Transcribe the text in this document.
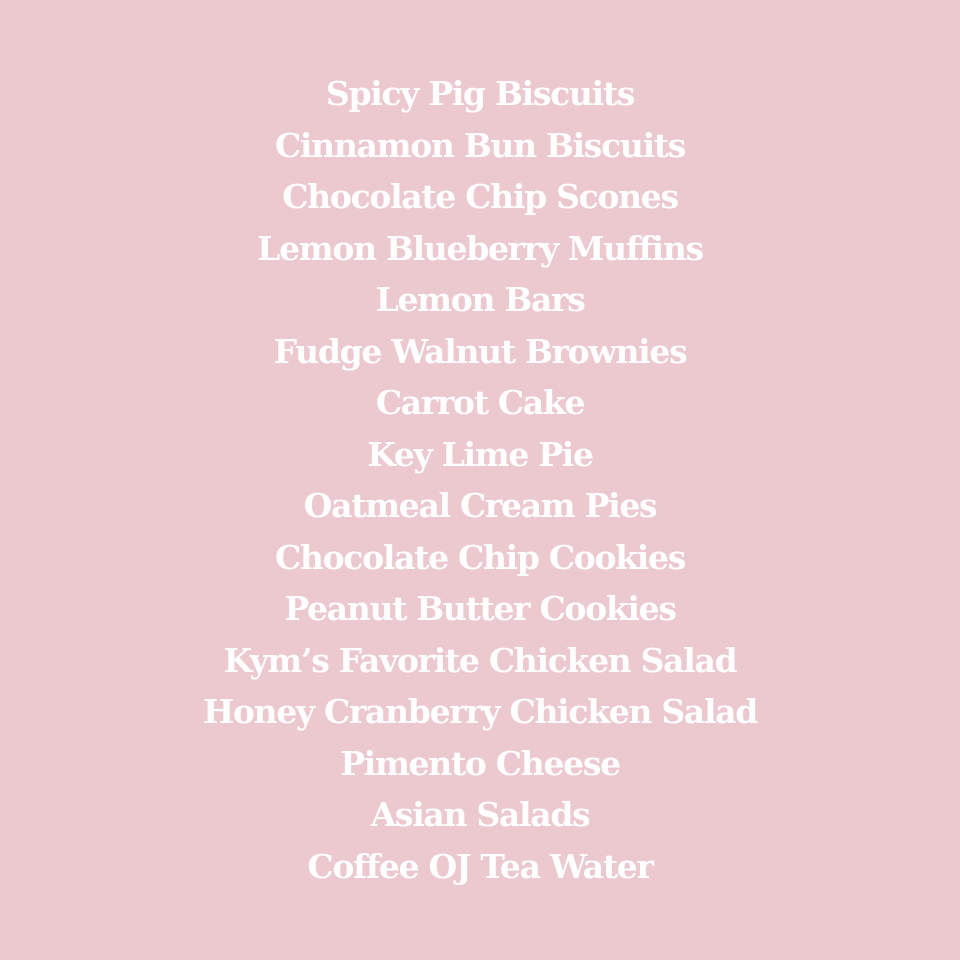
Spicy Pig Biscuits
Cinnamon Bun Biscuits
Chocolate Chip Scones
Lemon Blueberry Muffins
Lemon Bars
Fudge Walnut Brownies
Carrot Cake
Key Lime Pie
Oatmeal Cream Pies
Chocolate Chip Cookies
Peanut Butter Cookies
Kym’s Favorite Chicken Salad
Honey Cranberry Chicken Salad
Pimento Cheese
Asian Salads
Coffee OJ Tea Water
